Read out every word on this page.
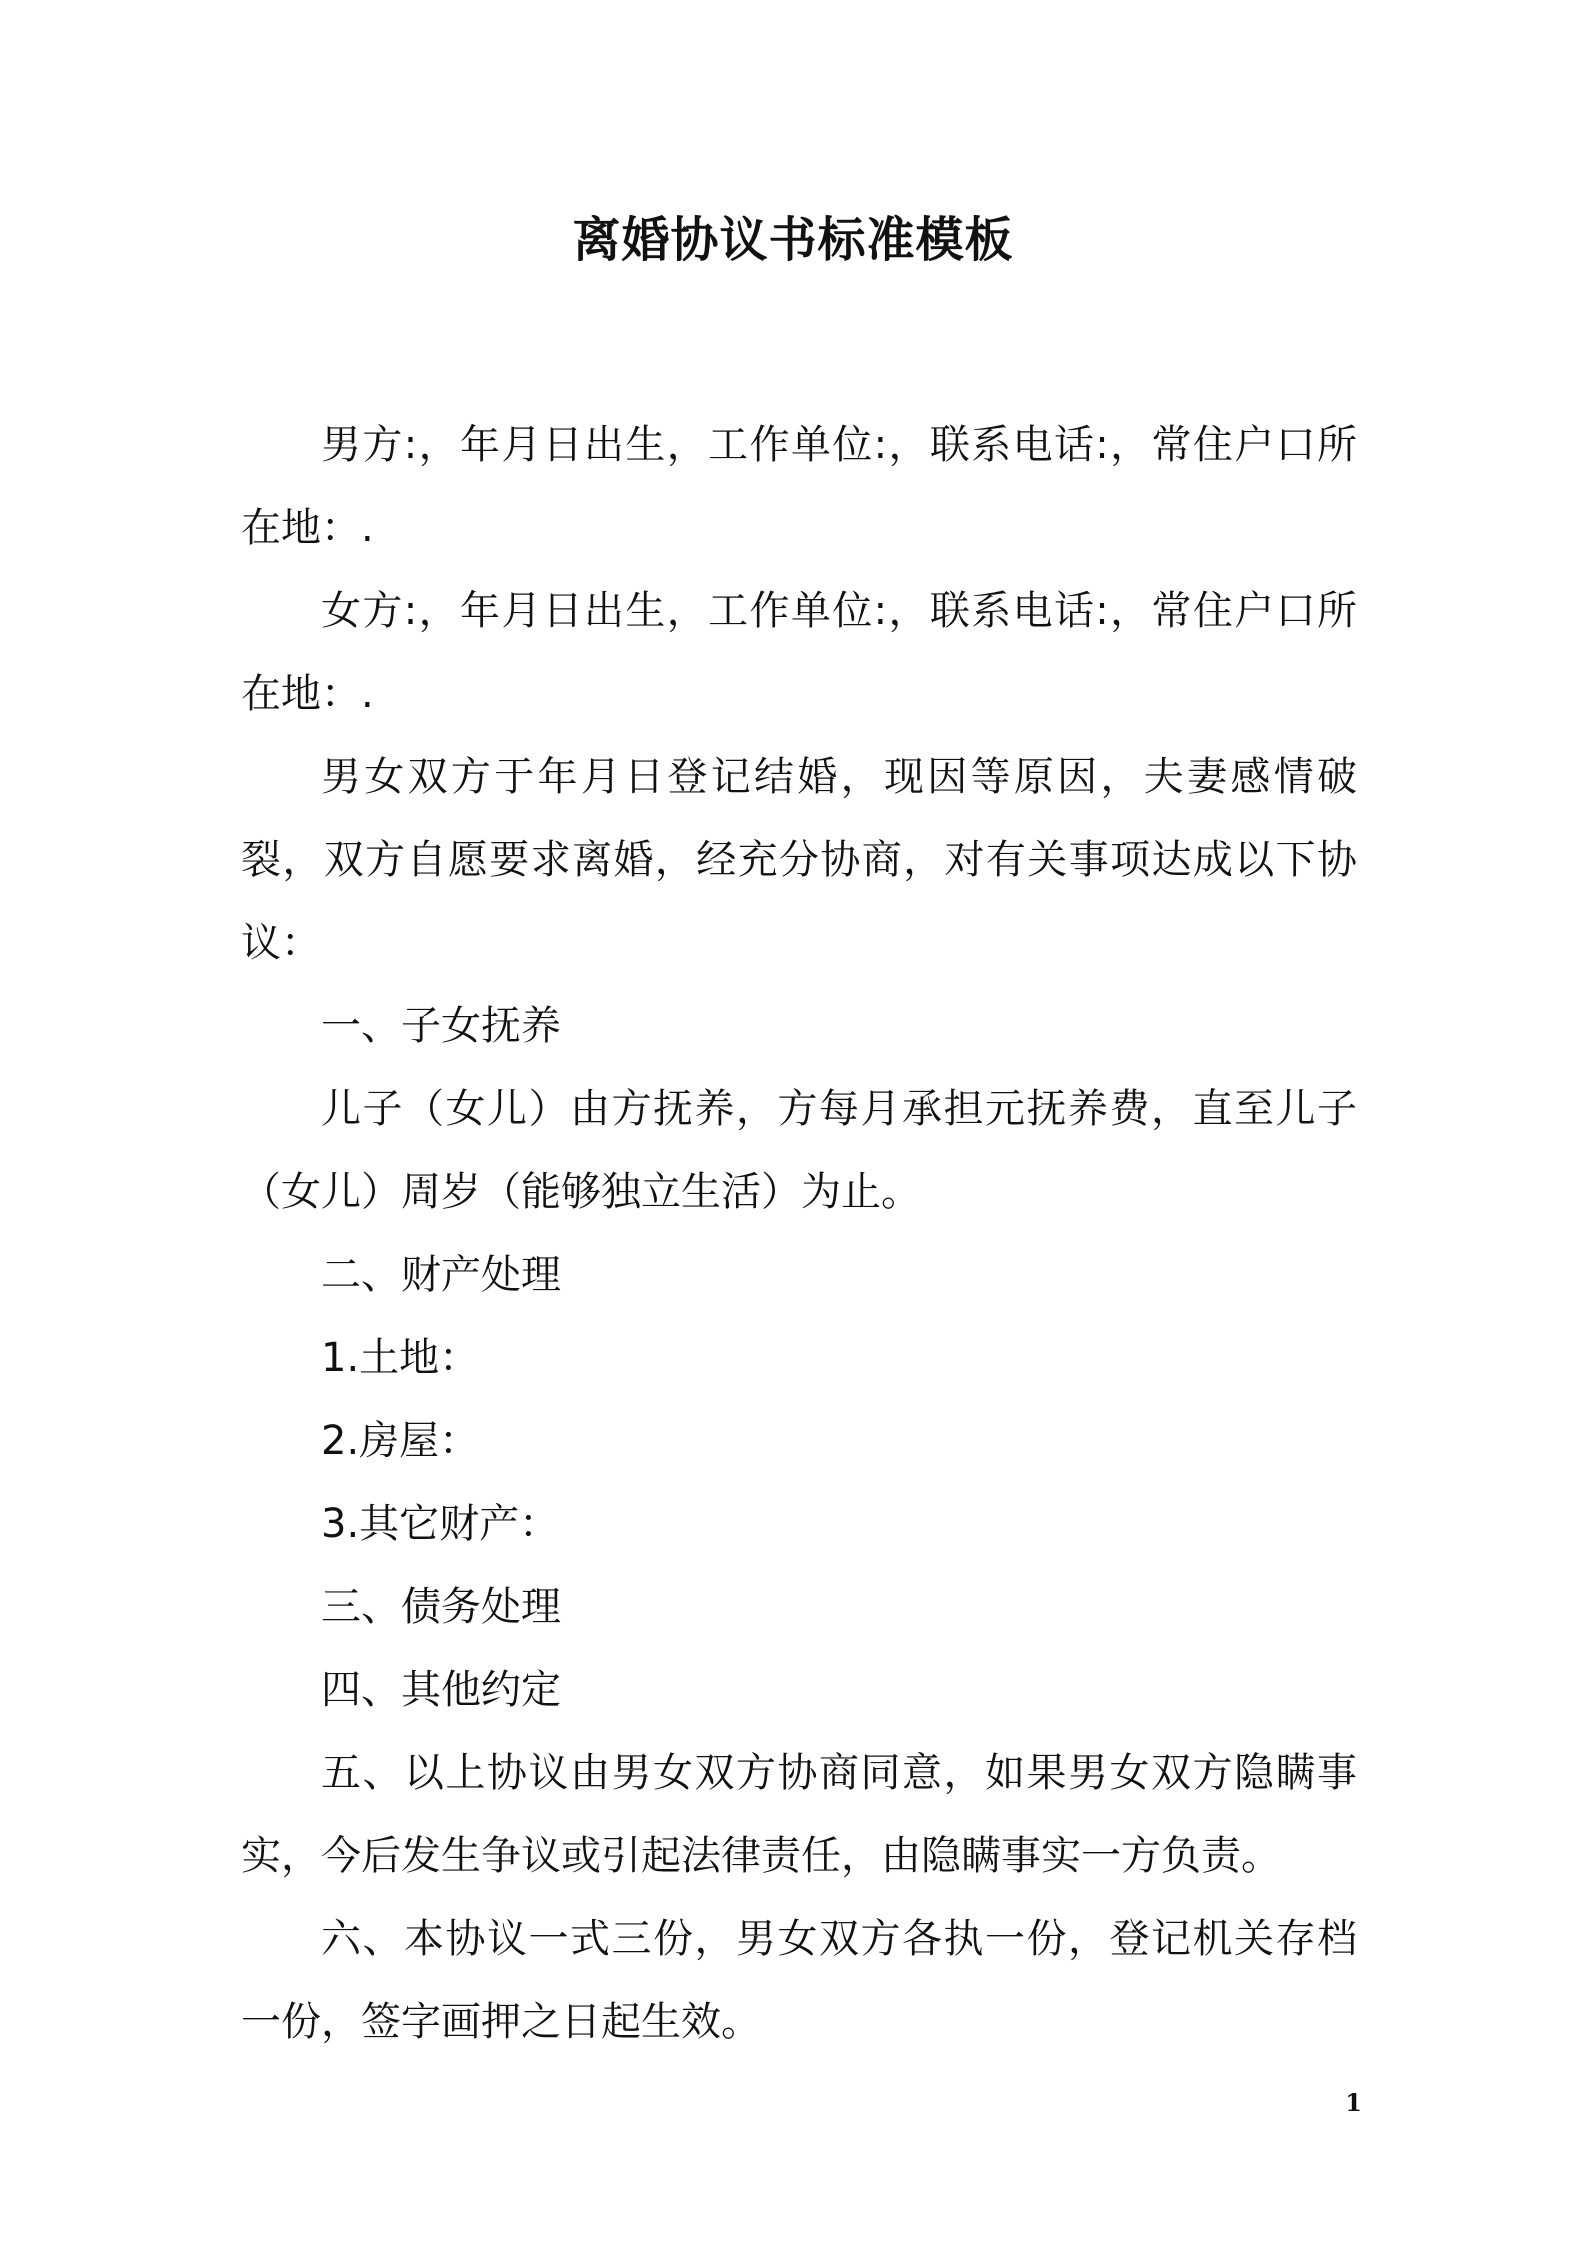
离婚协议书标准模板

男方:，年月日出生，工作单位:，联系电话:，常住户口所在地：.

女方:，年月日出生，工作单位:，联系电话:，常住户口所在地：.

男女双方于年月日登记结婚，现因等原因，夫妻感情破裂，双方自愿要求离婚，经充分协商，对有关事项达成以下协议：

一、子女抚养

儿子（女儿）由方抚养，方每月承担元抚养费，直至儿子（女儿）周岁（能够独立生活）为止。

二、财产处理

1.土地：

2.房屋：

3.其它财产：

三、债务处理

四、其他约定

五、以上协议由男女双方协商同意，如果男女双方隐瞒事实，今后发生争议或引起法律责任，由隐瞒事实一方负责。

六、本协议一式三份，男女双方各执一份，登记机关存档一份，签字画押之日起生效。

1
